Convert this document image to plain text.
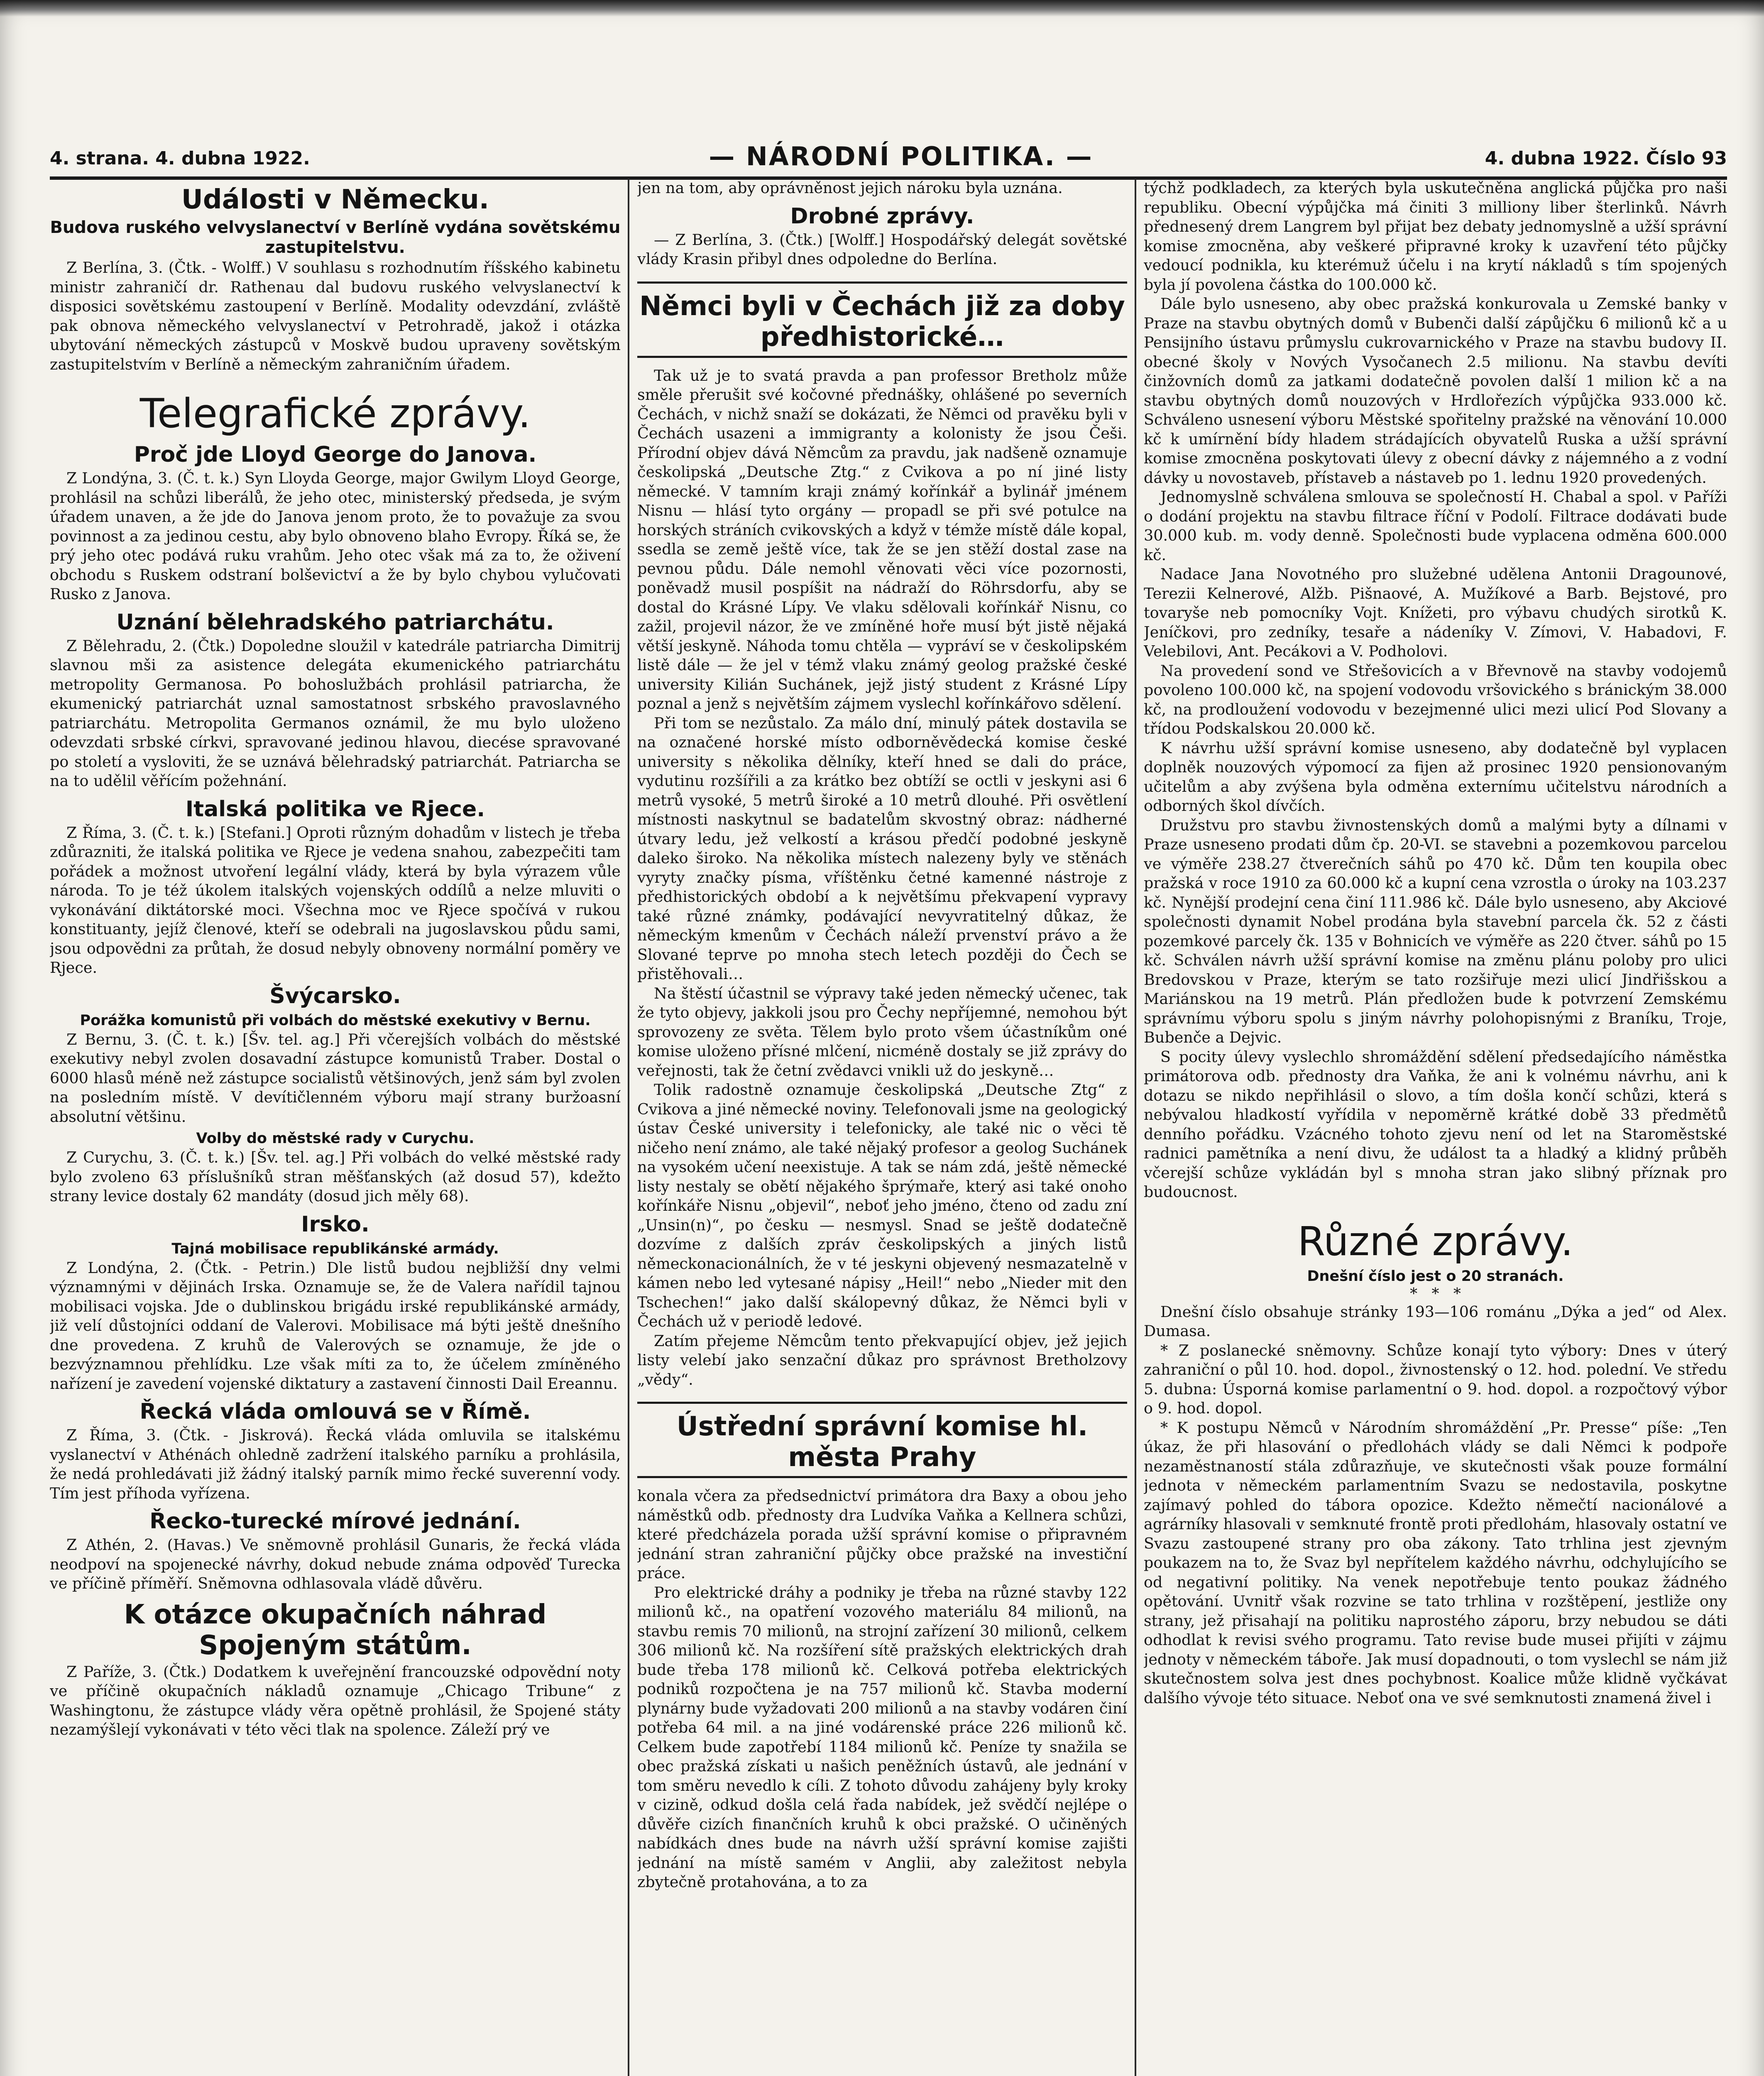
4. strana. 4. dubna 1922.	— NÁRODNÍ POLITIKA. —	4. dubna 1922. Číslo 93
Události v Německu.
Budova ruského velvyslanectví v Berlíně vydána sovětskému zastupitelstvu.

Z Berlína, 3. (Čtk. - Wolff.) V souhlasu s rozhodnutím říšského kabinetu ministr zahraničí dr. Rathenau dal budovu ruského velvyslanectví k disposici sovětskému zastoupení v Berlíně. Modality odevzdání, zvláště pak obnova německého velvyslanectví v Petrohradě, jakož i otázka ubytování německých zástupců v Moskvě budou upraveny sovětským zastupitelstvím v Berlíně a německým zahraničním úřadem.

Telegrafické zprávy.
Proč jde Lloyd George do Janova.

Z Londýna, 3. (Č. t. k.) Syn Lloyda George, major Gwilym Lloyd George, prohlásil na schůzi liberálů, že jeho otec, ministerský předseda, je svým úřadem unaven, a že jde do Janova jenom proto, že to považuje za svou povinnost a za jedinou cestu, aby bylo obnoveno blaho Evropy. Říká se, že prý jeho otec podává ruku vrahům. Jeho otec však má za to, že oživení obchodu s Ruskem odstraní bolševictví a že by bylo chybou vylučovati Rusko z Janova.

Uznání bělehradského patriarchátu.

Z Bělehradu, 2. (Čtk.) Dopoledne sloužil v katedrále patriarcha Dimitrij slavnou mši za asistence delegáta ekumenického patriarchátu metropolity Germanosa. Po bohoslužbách prohlásil patriarcha, že ekumenický patriarchát uznal samostatnost srbského pravoslavného patriarchátu. Metropolita Germanos oznámil, že mu bylo uloženo odevzdati srbské církvi, spravované jedinou hlavou, diecése spravované po století a vysloviti, že se uznává bělehradský patriarchát. Patriarcha se na to udělil věřícím požehnání.

Italská politika ve Rjece.

Z Říma, 3. (Č. t. k.) [Stefani.] Oproti různým dohadům v listech je třeba zdůrazniti, že italská politika ve Rjece je vedena snahou, zabezpečiti tam pořádek a možnost utvoření legální vlády, která by byla výrazem vůle národa. To je též úkolem italských vojenských oddílů a nelze mluviti o vykonávání diktátorské moci. Všechna moc ve Rjece spočívá v rukou konstituanty, jejíž členové, kteří se odebrali na jugoslavskou půdu sami, jsou odpovědni za průtah, že dosud nebyly obnoveny normální poměry ve Rjece.

Švýcarsko.
Porážka komunistů při volbách do městské exekutivy v Bernu.

Z Bernu, 3. (Č. t. k.) [Šv. tel. ag.] Při včerejších volbách do městské exekutivy nebyl zvolen dosavadní zástupce komunistů Traber. Dostal o 6000 hlasů méně než zástupce socialistů většinových, jenž sám byl zvolen na posledním místě. V devítičlenném výboru mají strany buržoasní absolutní většinu.

Volby do městské rady v Curychu.

Z Curychu, 3. (Č. t. k.) [Šv. tel. ag.] Při volbách do velké městské rady bylo zvoleno 63 příslušníků stran měšťanských (až dosud 57), kdežto strany levice dostaly 62 mandáty (dosud jich měly 68).

Irsko.
Tajná mobilisace republikánské armády.

Z Londýna, 2. (Čtk. - Petrin.) Dle listů budou nejbližší dny velmi významnými v dějinách Irska. Oznamuje se, že de Valera nařídil tajnou mobilisaci vojska. Jde o dublinskou brigádu irské republikánské armády, již velí důstojníci oddaní de Valerovi. Mobilisace má býti ještě dnešního dne provedena. Z kruhů de Valerových se oznamuje, že jde o bezvýznamnou přehlídku. Lze však míti za to, že účelem zmíněného nařízení je zavedení vojenské diktatury a zastavení činnosti Dail Ereannu.

Řecká vláda omlouvá se v Římě.

Z Říma, 3. (Čtk. - Jiskrová). Řecká vláda omluvila se italskému vyslanectví v Athénách ohledně zadržení italského parníku a prohlásila, že nedá prohledávati již žádný italský parník mimo řecké suverenní vody. Tím jest příhoda vyřízena.

Řecko-turecké mírové jednání.

Z Athén, 2. (Havas.) Ve sněmovně prohlásil Gunaris, že řecká vláda neodpoví na spojenecké návrhy, dokud nebude známa odpověď Turecka ve příčině příměří. Sněmovna odhlasovala vládě důvěru.

K otázce okupačních náhrad Spojeným státům.

Z Paříže, 3. (Čtk.) Dodatkem k uveřejnění francouzské odpovědní noty ve příčině okupačních nákladů oznamuje „Chicago Tribune“ z Washingtonu, že zástupce vlády věra opětně prohlásil, že Spojené státy nezamýšlejí vykonávati v této věci tlak na spolence. Záleží prý ve

jen na tom, aby oprávněnost jejich nároku byla uznána.

Drobné zprávy.

— Z Berlína, 3. (Čtk.) [Wolff.] Hospodářský delegát sovětské vlády Krasin přibyl dnes odpoledne do Berlína.

Němci byli v Čechách již za doby předhistorické…

Tak už je to svatá pravda a pan professor Bretholz může směle přerušit své kočovné přednášky, ohlášené po severních Čechách, v nichž snaží se dokázati, že Němci od pravěku byli v Čechách usazeni a immigranty a kolonisty že jsou Češi. Přírodní objev dává Němcům za pravdu, jak nadšeně oznamuje českolipská „Deutsche Ztg.“ z Cvikova a po ní jiné listy německé. V tamním kraji známý kořínkář a bylinář jménem Nisnu — hlásí tyto orgány — propadl se při své potulce na horských stráních cvikovských a když v témže místě dále kopal, ssedla se země ještě více, tak že se jen stěží dostal zase na pevnou půdu. Dále nemohl věnovati věci více pozornosti, poněvadž musil pospíšit na nádraží do Röhrsdorfu, aby se dostal do Krásné Lípy. Ve vlaku sdělovali kořínkář Nisnu, co zažil, projevil názor, že ve zmíněné hoře musí být jistě nějaká větší jeskyně. Náhoda tomu chtěla — vypráví se v českolipském listě dále — že jel v témž vlaku známý geolog pražské české university Kilián Suchánek, jejž jistý student z Krásné Lípy poznal a jenž s největším zájmem vyslechl kořínkářovo sdělení.

Při tom se nezůstalo. Za málo dní, minulý pátek dostavila se na označené horské místo odborněvědecká komise české university s několika dělníky, kteří hned se dali do práce, vydutinu rozšířili a za krátko bez obtíží se octli v jeskyni asi 6 metrů vysoké, 5 metrů široké a 10 metrů dlouhé. Při osvětlení místnosti naskytnul se badatelům skvostný obraz: nádherné útvary ledu, jež velkostí a krásou předčí podobné jeskyně daleko široko. Na několika místech nalezeny byly ve stěnách vyryty značky písma, vříštěnku četné kamenné nástroje z předhistorických období a k největšímu překvapení vypravy také různé známky, podávající nevyvratitelný důkaz, že německým kmenům v Čechách náleží prvenství právo a že Slované teprve po mnoha stech letech později do Čech se přistěhovali…

Na štěstí účastnil se výpravy také jeden německý učenec, tak že tyto objevy, jakkoli jsou pro Čechy nepříjemné, nemohou být sprovozeny ze světa. Tělem bylo proto všem účastníkům oné komise uloženo přísné mlčení, nicméně dostaly se již zprávy do veřejnosti, tak že četní zvědavci vnikli už do jeskyně…

Tolik radostně oznamuje českolipská „Deutsche Ztg“ z Cvikova a jiné německé noviny. Telefonovali jsme na geologický ústav České university i telefonicky, ale také nic o věci tě ničeho není známo, ale také nějaký profesor a geolog Suchánek na vysokém učení neexistuje. A tak se nám zdá, ještě německé listy nestaly se obětí nějakého šprýmaře, který asi také onoho kořínkáře Nisnu „objevil“, neboť jeho jméno, čteno od zadu zní „Unsin(n)“, po česku — nesmysl. Snad se ještě dodatečně dozvíme z dalších zpráv českolipských a jiných listů německonacionálních, že v té jeskyni objevený nesmazatelně v kámen nebo led vytesané nápisy „Heil!“ nebo „Nieder mit den Tschechen!“ jako další skálopevný důkaz, že Němci byli v Čechách už v periodě ledové.

Zatím přejeme Němcům tento překvapující objev, jež jejich listy velebí jako senzační důkaz pro správnost Bretholzovy „vědy“.

Ústřední správní komise hl. města Prahy

konala včera za předsednictví primátora dra Baxy a obou jeho náměstků odb. přednosty dra Ludvíka Vaňka a Kellnera schůzi, které předcházela porada užší správní komise o připravném jednání stran zahraniční půjčky obce pražské na investiční práce.

Pro elektrické dráhy a podniky je třeba na různé stavby 122 milionů kč., na opatření vozového materiálu 84 milionů, na stavbu remis 70 milionů, na strojní zařízení 30 milionů, celkem 306 milionů kč. Na rozšíření sítě pražských elektrických drah bude třeba 178 milionů kč. Celková potřeba elektrických podniků rozpočtena je na 757 milionů kč. Stavba moderní plynárny bude vyžadovati 200 milionů a na stavby vodáren činí potřeba 64 mil. a na jiné vodárenské práce 226 milionů kč. Celkem bude zapotřebí 1184 milionů kč. Peníze ty snažila se obec pražská získati u našich peněžních ústavů, ale jednání v tom směru nevedlo k cíli. Z tohoto důvodu zahájeny byly kroky v cizině, odkud došla celá řada nabídek, jež svědčí nejlépe o důvěře cizích finančních kruhů k obci pražské. O učiněných nabídkách dnes bude na návrh užší správní komise zajišti jednání na místě samém v Anglii, aby zaležitost nebyla zbytečně protahována, a to za

týchž podkladech, za kterých byla uskutečněna anglická půjčka pro naši republiku. Obecní výpůjčka má činiti 3 milliony liber šterlinků. Návrh přednesený drem Langrem byl přijat bez debaty jednomyslně a užší správní komise zmocněna, aby veškeré připravné kroky k uzavření této půjčky vedoucí podnikla, ku kterémuž účelu i na krytí nákladů s tím spojených byla jí povolena částka do 100.000 kč.

Dále bylo usneseno, aby obec pražská konkurovala u Zemské banky v Praze na stavbu obytných domů v Bubenči další zápůjčku 6 milionů kč a u Pensijního ústavu průmyslu cukrovarnického v Praze na stavbu budovy II. obecné školy v Nových Vysočanech 2.5 milionu. Na stavbu devíti činžovních domů za jatkami dodatečně povolen další 1 milion kč a na stavbu obytných domů nouzových v Hrdlořezích výpůjčka 933.000 kč. Schváleno usnesení výboru Městské spořitelny pražské na věnování 10.000 kč k umírnění bídy hladem strádajících obyvatelů Ruska a užší správní komise zmocněna poskytovati úlevy z obecní dávky z nájemného a z vodní dávky u novostaveb, přístaveb a nástaveb po 1. lednu 1920 provedených.

Jednomyslně schválena smlouva se společností H. Chabal a spol. v Paříži o dodání projektu na stavbu filtrace říční v Podolí. Filtrace dodávati bude 30.000 kub. m. vody denně. Společnosti bude vyplacena odměna 600.000 kč.

Nadace Jana Novotného pro služebné udělena Antonii Dragounové, Terezii Kelnerové, Alžb. Pišnaové, A. Mužíkové a Barb. Bejstové, pro tovaryše neb pomocníky Vojt. Knížeti, pro výbavu chudých sirotků K. Jeníčkovi, pro zedníky, tesaře a nádeníky V. Zímovi, V. Habadovi, F. Velebilovi, Ant. Pecákovi a V. Podholovi.

Na provedení sond ve Střešovicích a v Břevnově na stavby vodojemů povoleno 100.000 kč, na spojení vodovodu vršovického s bránickým 38.000 kč, na prodloužení vodovodu v bezejmenné ulici mezi ulicí Pod Slovany a třídou Podskalskou 20.000 kč.

K návrhu užší správní komise usneseno, aby dodatečně byl vyplacen doplněk nouzových výpomocí za fijen až prosinec 1920 pensionovaným učitelům a aby zvýšena byla odměna externímu učitelstvu národních a odborných škol dívčích.

Družstvu pro stavbu živnostenských domů a malými byty a dílnami v Praze usneseno prodati dům čp. 20-VI. se stavebni a pozemkovou parcelou ve výměře 238.27 čtverečních sáhů po 470 kč. Dům ten koupila obec pražská v roce 1910 za 60.000 kč a kupní cena vzrostla o úroky na 103.237 kč. Nynější prodejní cena činí 111.986 kč. Dále bylo usneseno, aby Akciové společnosti dynamit Nobel prodána byla stavební parcela čk. 52 z části pozemkové parcely čk. 135 v Bohnicích ve výměře as 220 čtver. sáhů po 15 kč. Schválen návrh užší správní komise na změnu plánu poloby pro ulici Bredovskou v Praze, kterým se tato rozšiřuje mezi ulicí Jindřišskou a Mariánskou na 19 metrů. Plán předložen bude k potvrzení Zemskému správnímu výboru spolu s jiným návrhy polohopisnými z Braníku, Troje, Bubenče a Dejvic.

S pocity úlevy vyslechlo shromáždění sdělení předsedajícího náměstka primátorova odb. přednosty dra Vaňka, že ani k volnému návrhu, ani k dotazu se nikdo nepřihlásil o slovo, a tím došla končí schůzi, která s nebývalou hladkostí vyřídila v nepoměrně krátké době 33 předmětů denního pořádku. Vzácného tohoto zjevu není od let na Staroměstské radnici pamětníka a není divu, že událost ta a hladký a klidný průběh včerejší schůze vykládán byl s mnoha stran jako slibný příznak pro budoucnost.

Různé zprávy.
Dnešní číslo jest o 20 stranách.
*   *   *

Dnešní číslo obsahuje stránky 193—106 románu „Dýka a jed“ od Alex. Dumasa.

* Z poslanecké sněmovny. Schůze konají tyto výbory: Dnes v úterý zahraniční o půl 10. hod. dopol., živnostenský o 12. hod. polední. Ve středu 5. dubna: Úsporná komise parlamentní o 9. hod. dopol. a rozpočtový výbor o 9. hod. dopol.

* K postupu Němců v Národním shromáždění „Pr. Presse“ píše: „Ten úkaz, že při hlasování o předlohách vlády se dali Němci k podpoře nezaměstnaností stála zdůrazňuje, ve skutečnosti však pouze formální jednota v německém parlamentním Svazu se nedostavila, poskytne zajímavý pohled do tábora opozice. Kdežto němečtí nacionálové a agrárníky hlasovali v semknuté frontě proti předlohám, hlasovaly ostatní ve Svazu zastoupené strany pro oba zákony. Tato trhlina jest zjevným poukazem na to, že Svaz byl nepřítelem každého návrhu, odchylujícího se od negativní politiky. Na venek nepotřebuje tento poukaz žádného opětování. Uvnitř však rozvine se tato trhlina v rozštěpení, jestliže ony strany, jež přisahají na politiku naprostého záporu, brzy nebudou se dáti odhodlat k revisi svého programu. Tato revise bude musei přijíti v zájmu jednoty v německém táboře. Jak musí dopadnouti, o tom vyslechl se nám již skutečnostem solva jest dnes pochybnost. Koalice může klidně vyčkávat dalšího vývoje této situace. Neboť ona ve své semknutosti znamená živel i
